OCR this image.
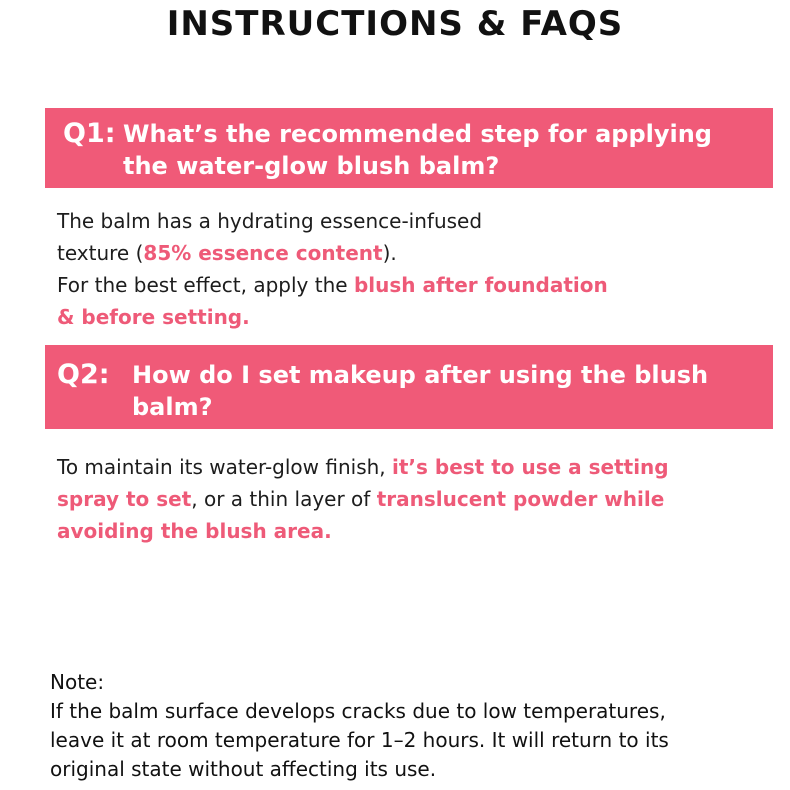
INSTRUCTIONS & FAQS
Q1: What’s the recommended step for applying
the water-glow blush balm?
The balm has a hydrating essence-infused
texture (85% essence content).
For the best effect, apply the blush after foundation
& before setting.
Q2: How do I set makeup after using the blush
balm?
To maintain its water-glow finish, it’s best to use a setting
spray to set, or a thin layer of translucent powder while
avoiding the blush area.
Note:
If the balm surface develops cracks due to low temperatures,
leave it at room temperature for 1–2 hours. It will return to its
original state without affecting its use.
